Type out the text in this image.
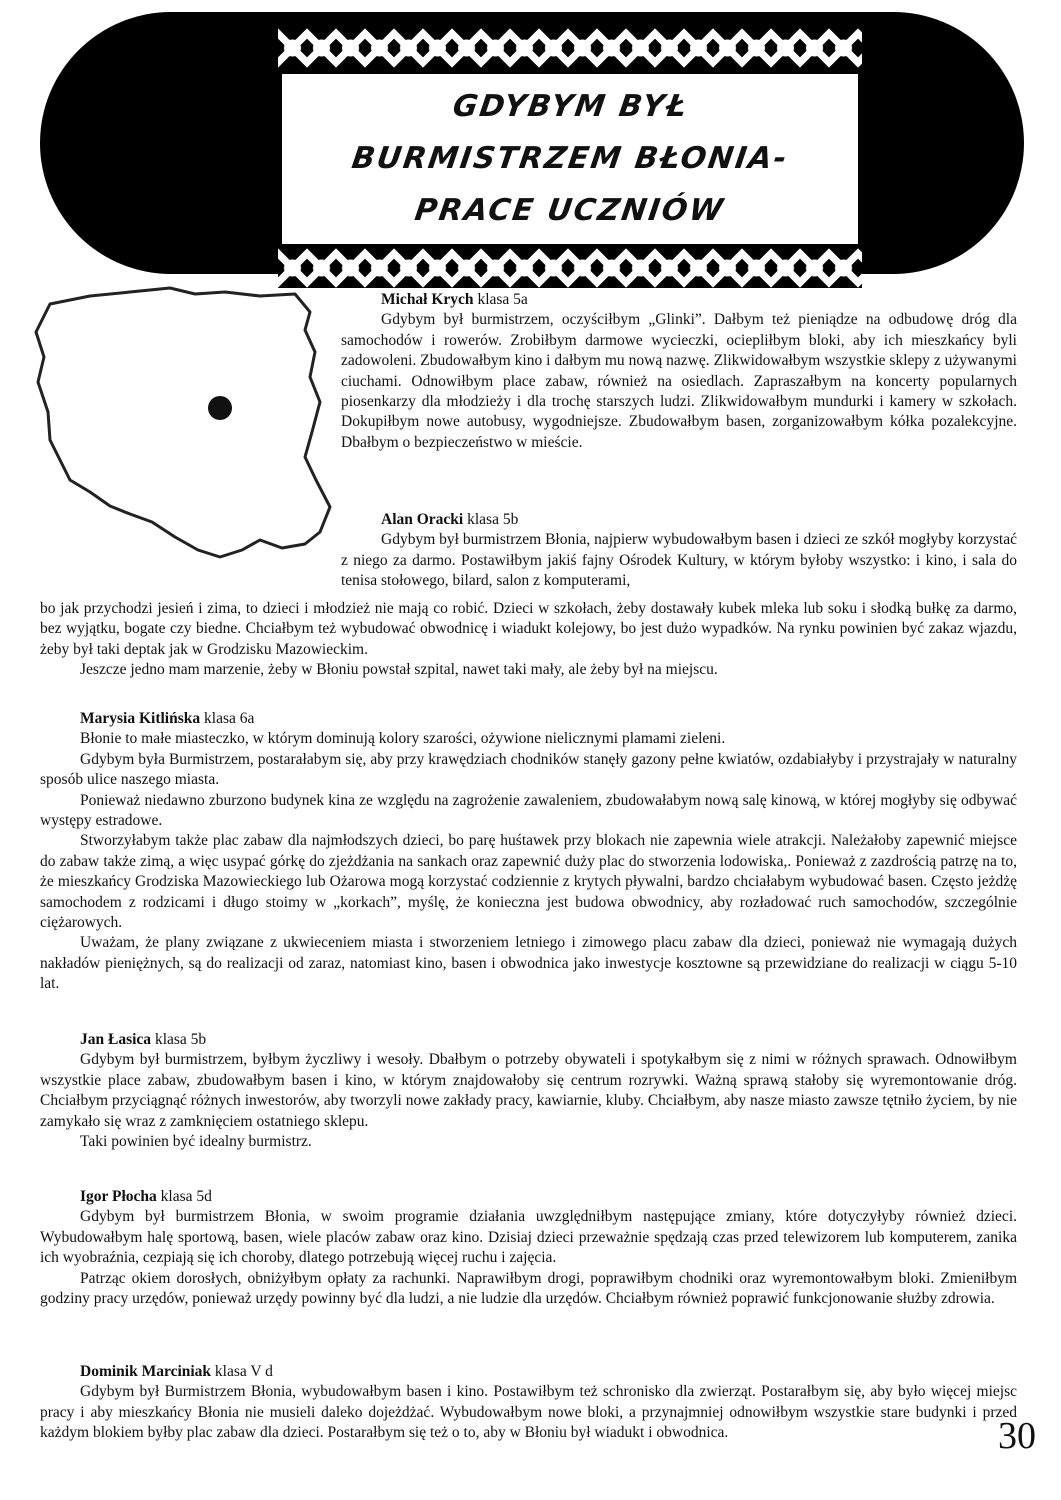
GDYBYM BYŁ
BURMISTRZEM BŁONIA-
PRACE UCZNIÓW

Michał Krych klasa 5a

Gdybym był burmistrzem, oczyściłbym „Glinki”. Dałbym też pieniądze na odbudowę dróg dla samochodów i rowerów. Zrobiłbym darmowe wycieczki, ociepliłbym bloki, aby ich mieszkańcy byli zadowoleni. Zbudowałbym kino i dałbym mu nową nazwę. Zlikwidowałbym wszystkie sklepy z używanymi ciuchami. Odnowiłbym place zabaw, również na osiedlach. Zapraszałbym na koncerty popularnych piosenkarzy dla młodzieży i dla trochę starszych ludzi. Zlikwidowałbym mundurki i kamery w szkołach. Dokupiłbym nowe autobusy, wygodniejsze. Zbudowałbym basen, zorganizowałbym kółka pozalekcyjne. Dbałbym o bezpieczeństwo w mieście.

Alan Oracki klasa 5b

Gdybym był burmistrzem Błonia, najpierw wybudowałbym basen i dzieci ze szkół mogłyby korzystać z niego za darmo. Postawiłbym jakiś fajny Ośrodek Kultury, w którym byłoby wszystko: i kino, i sala do tenisa stołowego, bilard, salon z komputerami,

bo jak przychodzi jesień i zima, to dzieci i młodzież nie mają co robić. Dzieci w szkołach, żeby dostawały kubek mleka lub soku i słodką bułkę za darmo, bez wyjątku, bogate czy biedne. Chciałbym też wybudować obwodnicę i wiadukt kolejowy, bo jest dużo wypadków. Na rynku powinien być zakaz wjazdu, żeby był taki deptak jak w Grodzisku Mazowieckim.

Jeszcze jedno mam marzenie, żeby w Błoniu powstał szpital, nawet taki mały, ale żeby był na miejscu.

Marysia Kitlińska klasa 6a

Błonie to małe miasteczko, w którym dominują kolory szarości, ożywione nielicznymi plamami zieleni.

Gdybym była Burmistrzem, postarałabym się, aby przy krawędziach chodników stanęły gazony pełne kwiatów, ozdabiałyby i przystrajały w naturalny sposób ulice naszego miasta.

Ponieważ niedawno zburzono budynek kina ze względu na zagrożenie zawaleniem, zbudowałabym nową salę kinową, w której mogłyby się odbywać występy estradowe.

Stworzyłabym także plac zabaw dla najmłodszych dzieci, bo parę huśtawek przy blokach nie zapewnia wiele atrakcji. Należałoby zapewnić miejsce do zabaw także zimą, a więc usypać górkę do zjeżdżania na sankach oraz zapewnić duży plac do stworzenia lodowiska,. Ponieważ z zazdrością patrzę na to, że mieszkańcy Grodziska Mazowieckiego lub Ożarowa mogą korzystać codziennie z krytych pływalni, bardzo chciałabym wybudować basen. Często jeżdżę samochodem z rodzicami i długo stoimy w „korkach”, myślę, że konieczna jest budowa obwodnicy, aby rozładować ruch samochodów, szczególnie ciężarowych.

Uważam, że plany związane z ukwieceniem miasta i stworzeniem letniego i zimowego placu zabaw dla dzieci, ponieważ nie wymagają dużych nakładów pieniężnych, są do realizacji od zaraz, natomiast kino, basen i obwodnica jako inwestycje kosztowne są przewidziane do realizacji w ciągu 5-10 lat.

Jan Łasica klasa 5b

Gdybym był burmistrzem, byłbym życzliwy i wesoły. Dbałbym o potrzeby obywateli i spotykałbym się z nimi w różnych sprawach. Odnowiłbym wszystkie place zabaw, zbudowałbym basen i kino, w którym znajdowałoby się centrum rozrywki. Ważną sprawą stałoby się wyremontowanie dróg. Chciałbym przyciągnąć różnych inwestorów, aby tworzyli nowe zakłady pracy, kawiarnie, kluby. Chciałbym, aby nasze miasto zawsze tętniło życiem, by nie zamykało się wraz z zamknięciem ostatniego sklepu.

Taki powinien być idealny burmistrz.

Igor Płocha klasa 5d

Gdybym był burmistrzem Błonia, w swoim programie działania uwzględniłbym następujące zmiany, które dotyczyłyby również dzieci. Wybudowałbym halę sportową, basen, wiele placów zabaw oraz kino. Dzisiaj dzieci przeważnie spędzają czas przed telewizorem lub komputerem, zanika ich wyobraźnia, cezpiają się ich choroby, dlatego potrzebują więcej ruchu i zajęcia.

Patrząc okiem dorosłych, obniżyłbym opłaty za rachunki. Naprawiłbym drogi, poprawiłbym chodniki oraz wyremontowałbym bloki. Zmieniłbym godziny pracy urzędów, ponieważ urzędy powinny być dla ludzi, a nie ludzie dla urzędów. Chciałbym również poprawić funkcjonowanie służby zdrowia.

Dominik Marciniak klasa V d

Gdybym był Burmistrzem Błonia, wybudowałbym basen i kino. Postawiłbym też schronisko dla zwierząt. Postarałbym się, aby było więcej miejsc pracy i aby mieszkańcy Błonia nie musieli daleko dojeżdżać. Wybudowałbym nowe bloki, a przynajmniej odnowiłbym wszystkie stare budynki i przed każdym blokiem byłby plac zabaw dla dzieci. Postarałbym się też o to, aby w Błoniu był wiadukt i obwodnica.	30
